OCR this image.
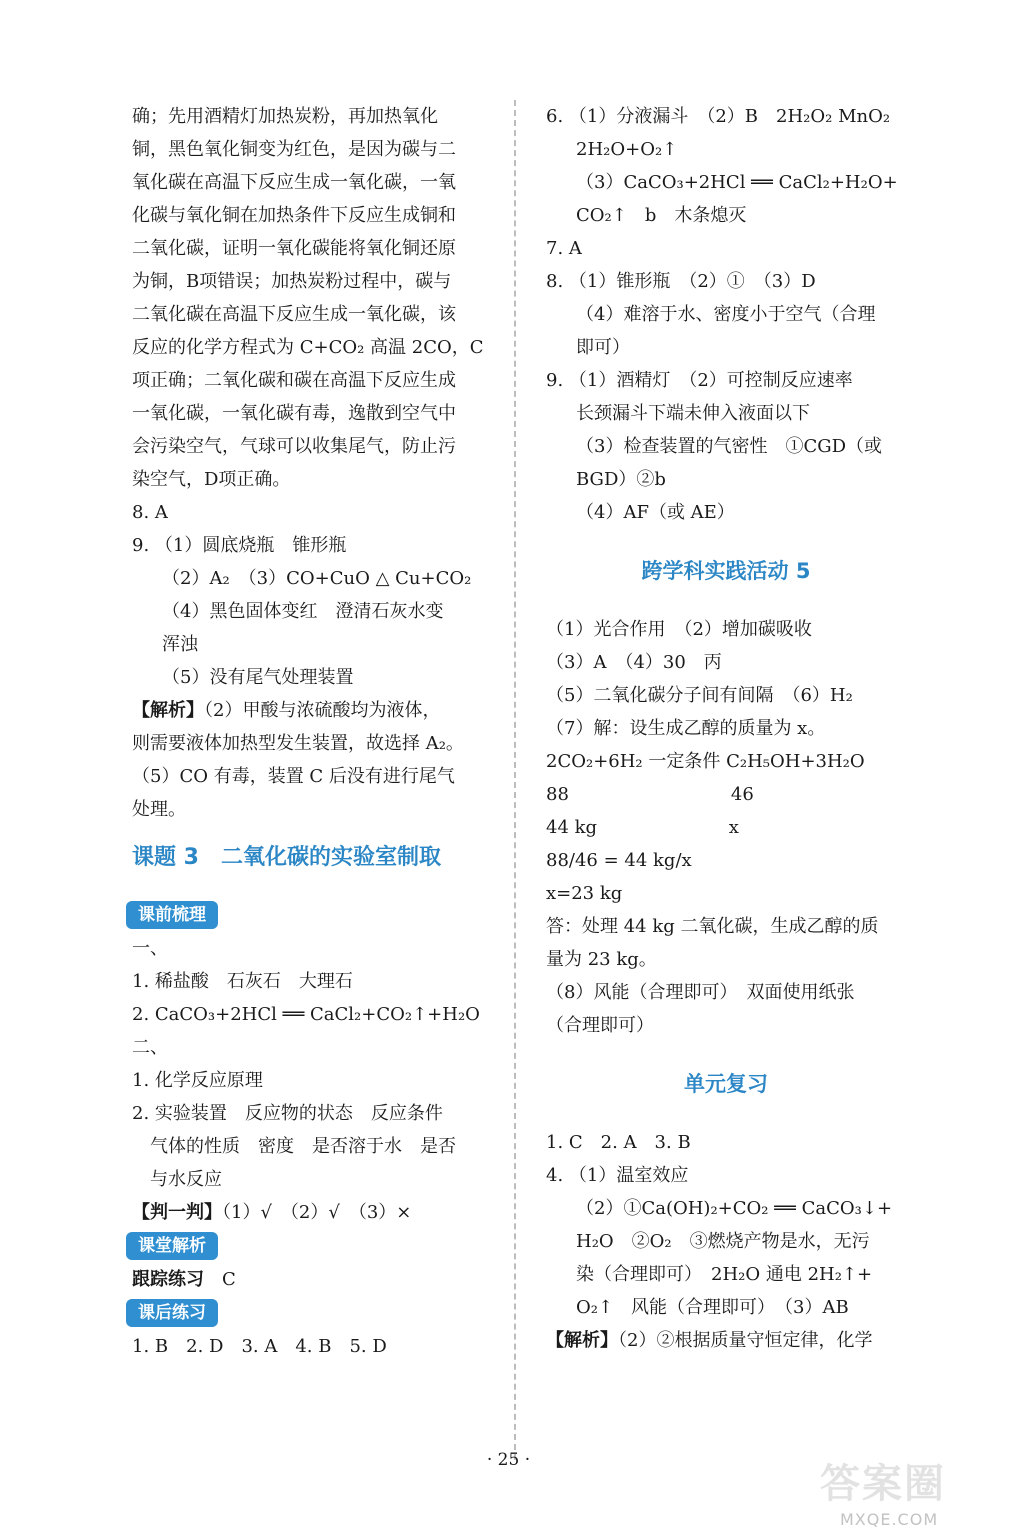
确；先用酒精灯加热炭粉，再加热氧化
铜，黑色氧化铜变为红色，是因为碳与二
氧化碳在高温下反应生成一氧化碳，一氧
化碳与氧化铜在加热条件下反应生成铜和
二氧化碳，证明一氧化碳能将氧化铜还原
为铜，B项错误；加热炭粉过程中，碳与
二氧化碳在高温下反应生成一氧化碳，该
反应的化学方程式为 C+CO₂ 高温 2CO，C
项正确；二氧化碳和碳在高温下反应生成
一氧化碳，一氧化碳有毒，逸散到空气中
会污染空气，气球可以收集尾气，防止污
染空气，D项正确。
8. A
9. （1）圆底烧瓶　锥形瓶
（2）A₂　（3）CO+CuO △ Cu+CO₂
（4）黑色固体变红　澄清石灰水变
浑浊
（5）没有尾气处理装置
【解析】（2）甲酸与浓硫酸均为液体，
则需要液体加热型发生装置，故选择 A₂。
（5）CO 有毒，装置 C 后没有进行尾气
处理。
课题 3　二氧化碳的实验室制取
课前梳理
一、
1. 稀盐酸　石灰石　大理石
2. CaCO₃+2HCl ══ CaCl₂+CO₂↑+H₂O
二、
1. 化学反应原理
2. 实验装置　反应物的状态　反应条件
气体的性质　密度　是否溶于水　是否
与水反应
【判一判】（1）√　（2）√　（3）×
课堂解析
跟踪练习　 C
课后练习
1. B　2. D　3. A　4. B　5. D
6. （1）分液漏斗　（2）B　2H₂O₂ MnO₂
2H₂O+O₂↑
（3）CaCO₃+2HCl ══ CaCl₂+H₂O+
CO₂↑　b　木条熄灭
7. A
8. （1）锥形瓶　（2）①　（3）D
（4）难溶于水、密度小于空气（合理
即可）
9. （1）酒精灯　（2）可控制反应速率
长颈漏斗下端未伸入液面以下
（3）检查装置的气密性　①CGD（或
BGD）②b
（4）AF（或 AE）
跨学科实践活动 5
（1）光合作用　（2）增加碳吸收
（3）A　（4）30　丙
（5）二氧化碳分子间有间隔　（6）H₂
（7）解：设生成乙醇的质量为 x。
2CO₂+6H₂ 一定条件 C₂H₅OH+3H₂O
88　　　　　　　　　46
44 kg　　　　　　　 x
88/46 = 44 kg/x
x=23 kg
答：处理 44 kg 二氧化碳，生成乙醇的质
量为 23 kg。
（8）风能（合理即可）　双面使用纸张
（合理即可）
单元复习
1. C　2. A　3. B
4. （1）温室效应
（2）①Ca(OH)₂+CO₂ ══ CaCO₃↓+
H₂O　②O₂　③燃烧产物是水，无污
染（合理即可）　2H₂O 通电 2H₂↑+
O₂↑　风能（合理即可）　（3）AB
【解析】（2）②根据质量守恒定律，化学
· 25 ·
答案圈
MXQE.COM
